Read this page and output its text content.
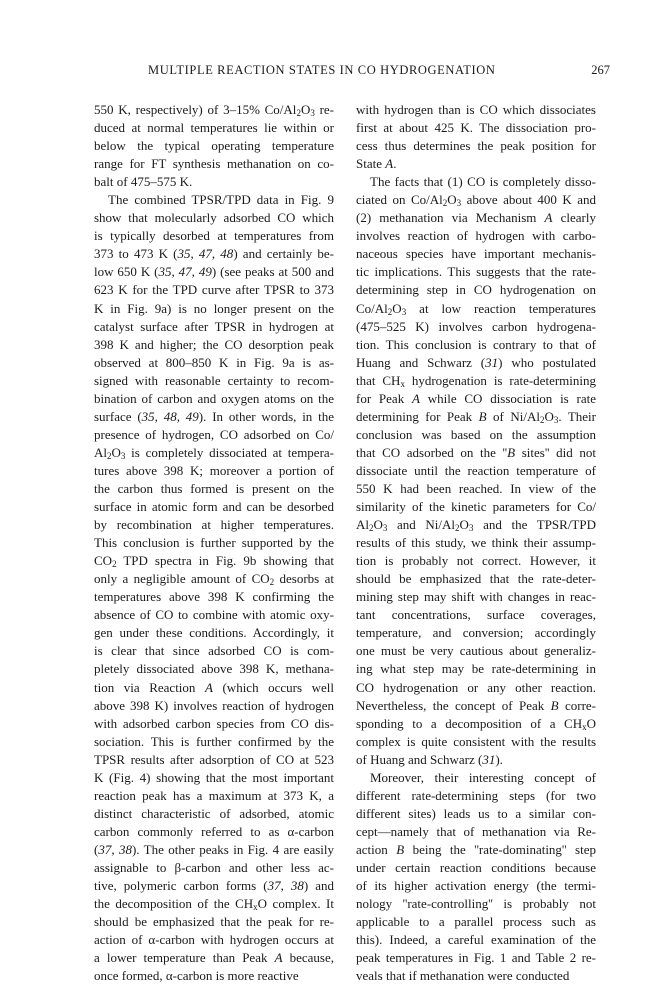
MULTIPLE REACTION STATES IN CO HYDROGENATION	267
550 K, respectively) of 3–15% $Co/Al_2O_3$ re-
duced at normal temperatures lie within or
below the typical operating temperature
range for FT synthesis methanation on co-
balt of 475–575 K.
The combined TPSR/TPD data in Fig. 9
show that molecularly adsorbed CO which
is typically desorbed at temperatures from
373 to 473 K (35, 47, 48) and certainly be-
low 650 K (35, 47, 49) (see peaks at 500 and
623 K for the TPD curve after TPSR to 373
K in Fig. 9a) is no longer present on the
catalyst surface after TPSR in hydrogen at
398 K and higher; the CO desorption peak
observed at 800–850 K in Fig. 9a is as-
signed with reasonable certainty to recom-
bination of carbon and oxygen atoms on the
surface (35, 48, 49). In other words, in the
presence of hydrogen, CO adsorbed on Co/
$Al_2O_3$ is completely dissociated at tempera-
tures above 398 K; moreover a portion of
the carbon thus formed is present on the
surface in atomic form and can be desorbed
by recombination at higher temperatures.
This conclusion is further supported by the
$CO_2$ TPD spectra in Fig. 9b showing that
only a negligible amount of $CO_2$ desorbs at
temperatures above 398 K confirming the
absence of CO to combine with atomic oxy-
gen under these conditions. Accordingly, it
is clear that since adsorbed CO is com-
pletely dissociated above 398 K, methana-
tion via Reaction A (which occurs well
above 398 K) involves reaction of hydrogen
with adsorbed carbon species from CO dis-
sociation. This is further confirmed by the
TPSR results after adsorption of CO at 523
K (Fig. 4) showing that the most important
reaction peak has a maximum at 373 K, a
distinct characteristic of adsorbed, atomic
carbon commonly referred to as α-carbon
(37, 38). The other peaks in Fig. 4 are easily
assignable to β-carbon and other less ac-
tive, polymeric carbon forms (37, 38) and
the decomposition of the $CH_xO$ complex. It
should be emphasized that the peak for re-
action of α-carbon with hydrogen occurs at
a lower temperature than Peak A because,
once formed, α-carbon is more reactive
with hydrogen than is CO which dissociates
first at about 425 K. The dissociation pro-
cess thus determines the peak position for
State A.
The facts that (1) CO is completely disso-
ciated on $Co/Al_2O_3$ above about 400 K and
(2) methanation via Mechanism A clearly
involves reaction of hydrogen with carbo-
naceous species have important mechanis-
tic implications. This suggests that the rate-
determining step in CO hydrogenation on
$Co/Al_2O_3$ at low reaction temperatures
(475–525 K) involves carbon hydrogena-
tion. This conclusion is contrary to that of
Huang and Schwarz (31) who postulated
that $CH_x$ hydrogenation is rate-determining
for Peak A while CO dissociation is rate
determining for Peak B of $Ni/Al_2O_3$. Their
conclusion was based on the assumption
that CO adsorbed on the ''B sites'' did not
dissociate until the reaction temperature of
550 K had been reached. In view of the
similarity of the kinetic parameters for Co/
$Al_2O_3$ and $Ni/Al_2O_3$ and the TPSR/TPD
results of this study, we think their assump-
tion is probably not correct. However, it
should be emphasized that the rate-deter-
mining step may shift with changes in reac-
tant concentrations, surface coverages,
temperature, and conversion; accordingly
one must be very cautious about generaliz-
ing what step may be rate-determining in
CO hydrogenation or any other reaction.
Nevertheless, the concept of Peak B corre-
sponding to a decomposition of a $CH_xO$
complex is quite consistent with the results
of Huang and Schwarz (31).
Moreover, their interesting concept of
different rate-determining steps (for two
different sites) leads us to a similar con-
cept—namely that of methanation via Re-
action B being the ''rate-dominating'' step
under certain reaction conditions because
of its higher activation energy (the termi-
nology ''rate-controlling'' is probably not
applicable to a parallel process such as
this). Indeed, a careful examination of the
peak temperatures in Fig. 1 and Table 2 re-
veals that if methanation were conducted
